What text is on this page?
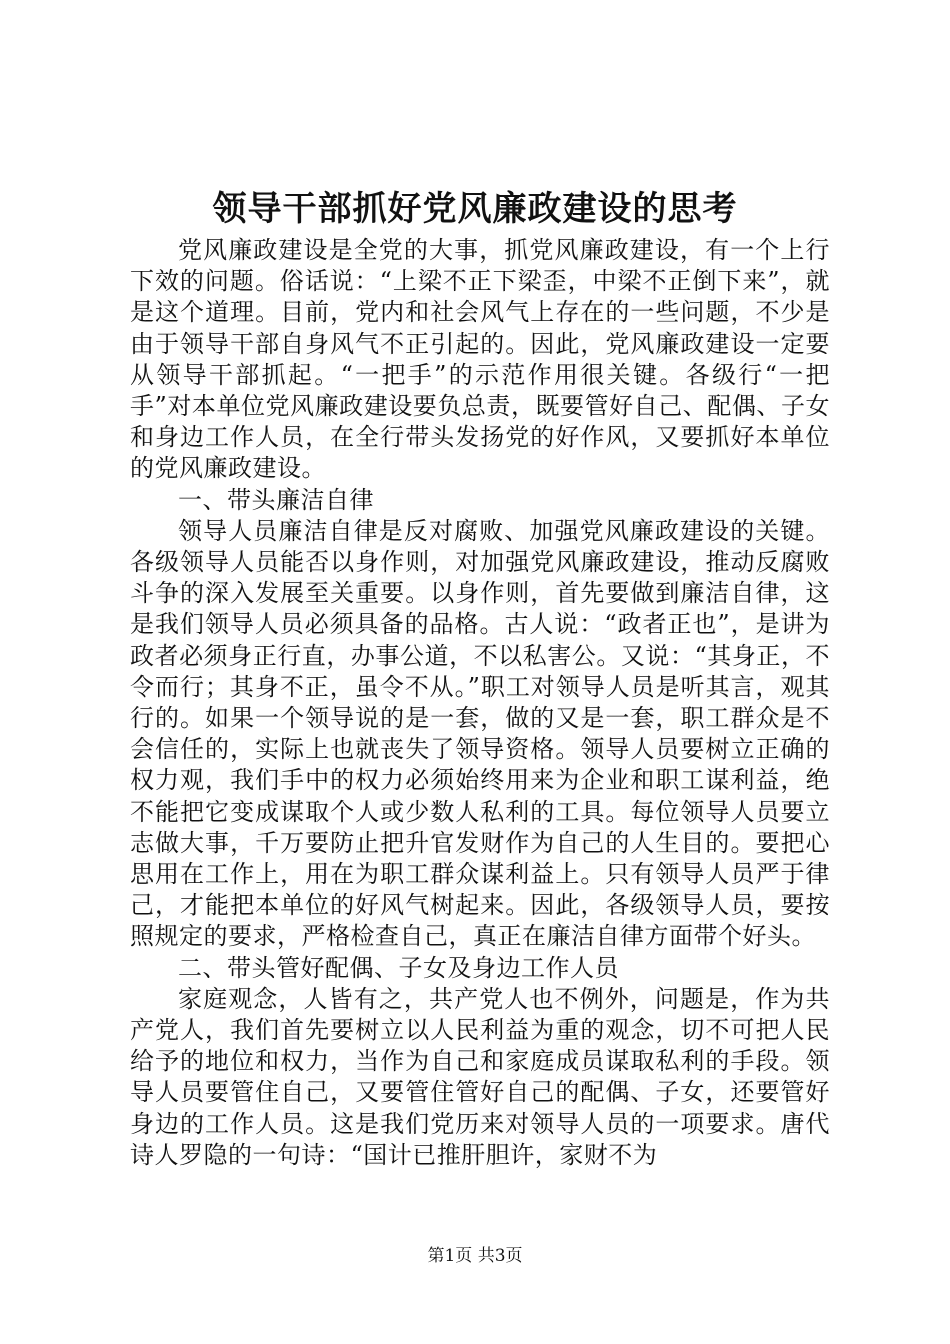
领导干部抓好党风廉政建设的思考

党风廉政建设是全党的大事，抓党风廉政建设，有一个上行下效的问题。俗话说：“上梁不正下梁歪，中梁不正倒下来”，就是这个道理。目前，党内和社会风气上存在的一些问题，不少是由于领导干部自身风气不正引起的。因此，党风廉政建设一定要从领导干部抓起。“一把手”的示范作用很关键。各级行“一把手”对本单位党风廉政建设要负总责，既要管好自己、配偶、子女和身边工作人员，在全行带头发扬党的好作风，又要抓好本单位的党风廉政建设。

一、带头廉洁自律

领导人员廉洁自律是反对腐败、加强党风廉政建设的关键。各级领导人员能否以身作则，对加强党风廉政建设，推动反腐败斗争的深入发展至关重要。以身作则，首先要做到廉洁自律，这是我们领导人员必须具备的品格。古人说：“政者正也”，是讲为政者必须身正行直，办事公道，不以私害公。又说：“其身正，不令而行；其身不正，虽令不从。”职工对领导人员是听其言，观其行的。如果一个领导说的是一套，做的又是一套，职工群众是不会信任的，实际上也就丧失了领导资格。领导人员要树立正确的权力观，我们手中的权力必须始终用来为企业和职工谋利益，绝不能把它变成谋取个人或少数人私利的工具。每位领导人员要立志做大事，千万要防止把升官发财作为自己的人生目的。要把心思用在工作上，用在为职工群众谋利益上。只有领导人员严于律己，才能把本单位的好风气树起来。因此，各级领导人员，要按照规定的要求，严格检查自己，真正在廉洁自律方面带个好头。

二、带头管好配偶、子女及身边工作人员

家庭观念，人皆有之，共产党人也不例外，问题是，作为共产党人，我们首先要树立以人民利益为重的观念，切不可把人民给予的地位和权力，当作为自己和家庭成员谋取私利的手段。领导人员要管住自己，又要管住管好自己的配偶、子女，还要管好身边的工作人员。这是我们党历来对领导人员的一项要求。唐代诗人罗隐的一句诗：“国计已推肝胆许，家财不为

第1页 共3页
